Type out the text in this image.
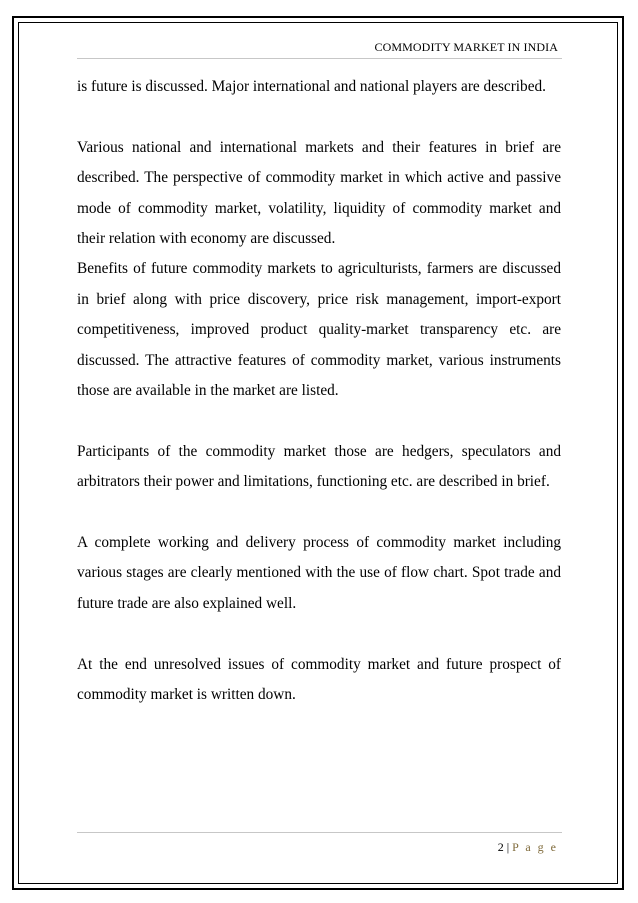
COMMODITY MARKET IN INDIA

is future is discussed. Major international and national players are described.

Various national and international markets and their features in brief are described. The perspective of commodity market in which active and passive mode of commodity market, volatility, liquidity of commodity market and their relation with economy are discussed.

Benefits of future commodity markets to agriculturists, farmers are discussed in brief along with price discovery, price risk management, import-export competitiveness, improved product quality-market transparency etc. are discussed. The attractive features of commodity market, various instruments those are available in the market are listed.

Participants of the commodity market those are hedgers, speculators and arbitrators their power and limitations, functioning etc. are described in brief.

A complete working and delivery process of commodity market including various stages are clearly mentioned with the use of flow chart. Spot trade and future trade are also explained well.

At the end unresolved issues of commodity market and future prospect of commodity market is written down.

2 | P a g e
